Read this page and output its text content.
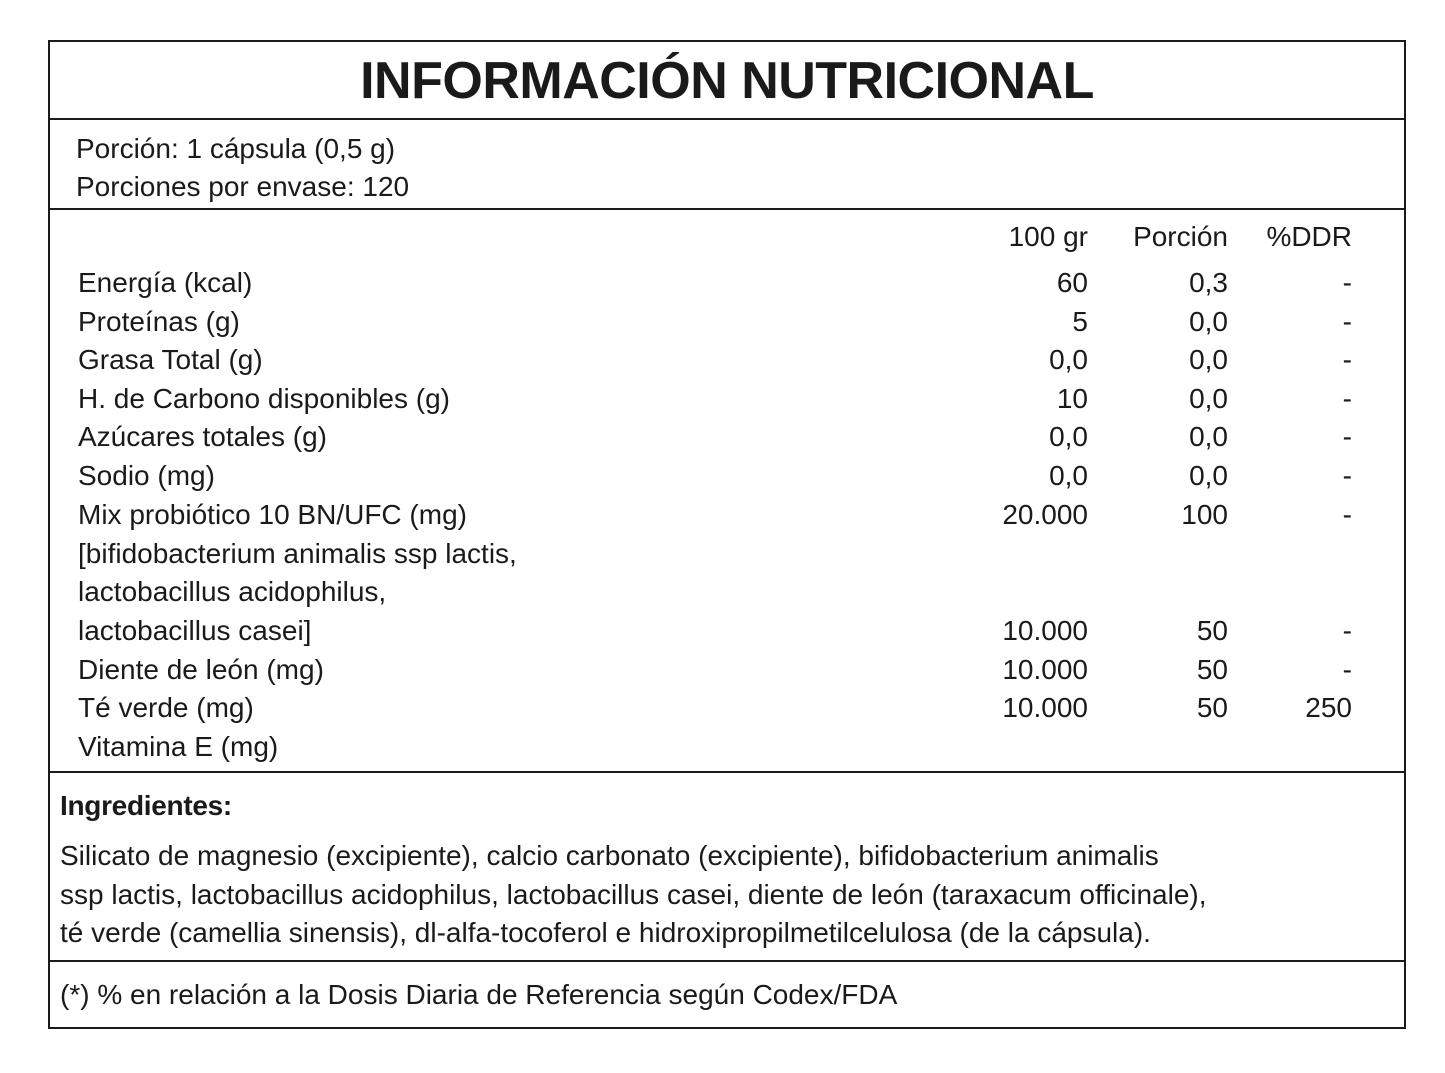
INFORMACIÓN NUTRICIONAL
Porción: 1 cápsula (0,5 g)
Porciones por envase: 120
100 gr Porción %DDR
Energía (kcal)	60	0,3	-
Proteínas (g)	5	0,0	-
Grasa Total (g)	0,0	0,0	-
H. de Carbono disponibles (g)	10	0,0	-
Azúcares totales (g)	0,0	0,0	-
Sodio (mg)	0,0	0,0	-
Mix probiótico 10 BN/UFC (mg)	20.000	100	-
[bifidobacterium animalis ssp lactis,
lactobacillus acidophilus,
lactobacillus casei]	10.000	50	-
Diente de león (mg)	10.000	50	-
Té verde (mg)	10.000	50	250
Vitamina E (mg)
Ingredientes:
Silicato de magnesio (excipiente), calcio carbonato (excipiente), bifidobacterium animalis
ssp lactis, lactobacillus acidophilus, lactobacillus casei, diente de león (taraxacum officinale),
té verde (camellia sinensis), dl-alfa-tocoferol e hidroxipropilmetilcelulosa (de la cápsula).
(*) % en relación a la Dosis Diaria de Referencia según Codex/FDA
